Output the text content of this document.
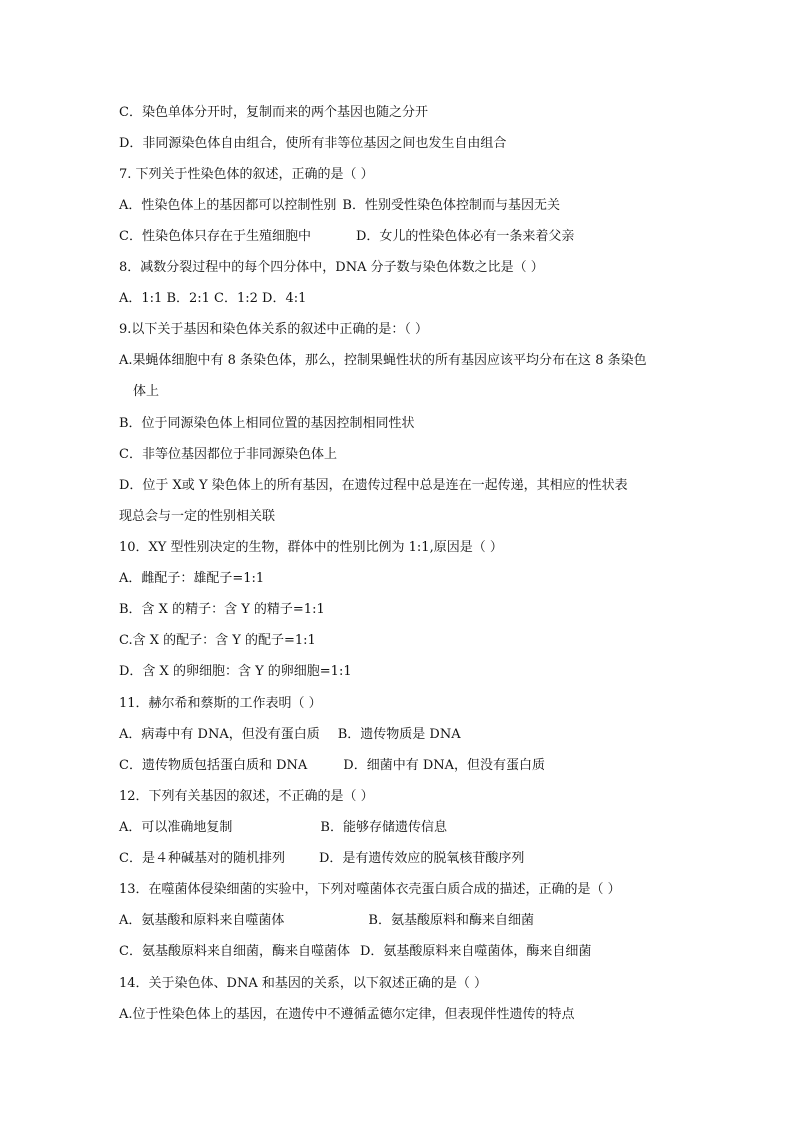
C．染色单体分开时，复制而来的两个基因也随之分开
D．非同源染色体自由组合，使所有非等位基因之间也发生自由组合
7. 下列关于性染色体的叙述，正确的是（ ）
A．性染色体上的基因都可以控制性别 B．性别受性染色体控制而与基因无关
C．性染色体只存在于生殖细胞中	D．女儿的性染色体必有一条来着父亲
8．减数分裂过程中的每个四分体中，DNA 分子数与染色体数之比是（ ）
A．1:1 B．2:1 C．1:2 D．4:1
9.以下关于基因和染色体关系的叙述中正确的是：（ ）
A.果蝇体细胞中有 8 条染色体，那么，控制果蝇性状的所有基因应该平均分布在这 8 条染色
体上
B．位于同源染色体上相同位置的基因控制相同性状
C．非等位基因都位于非同源染色体上
D．位于 X或 Y 染色体上的所有基因，在遗传过程中总是连在一起传递，其相应的性状表
现总会与一定的性别相关联
10．XY 型性别决定的生物，群体中的性别比例为 1:1,原因是（ ）
A．雌配子：雄配子=1:1
B．含 X 的精子：含 Y 的精子=1:1
C.含 X 的配子：含 Y 的配子=1:1
D．含 X 的卵细胞：含 Y 的卵细胞=1:1
11．赫尔希和蔡斯的工作表明（ ）
A．病毒中有 DNA，但没有蛋白质 B．遗传物质是 DNA
C．遗传物质包括蛋白质和 DNA	D．细菌中有 DNA，但没有蛋白质
12．下列有关基因的叙述，不正确的是（ ）
A．可以准确地复制	B．能够存储遗传信息
C．是４种碱基对的随机排列	D．是有遗传效应的脱氧核苷酸序列
13．在噬菌体侵染细菌的实验中，下列对噬菌体衣壳蛋白质合成的描述，正确的是（ ）
A．氨基酸和原料来自噬菌体	B．氨基酸原料和酶来自细菌
C．氨基酸原料来自细菌，酶来自噬菌体 D．氨基酸原料来自噬菌体，酶来自细菌
14．关于染色体、DNA 和基因的关系，以下叙述正确的是（ ）
A.位于性染色体上的基因，在遗传中不遵循孟德尔定律，但表现伴性遗传的特点
